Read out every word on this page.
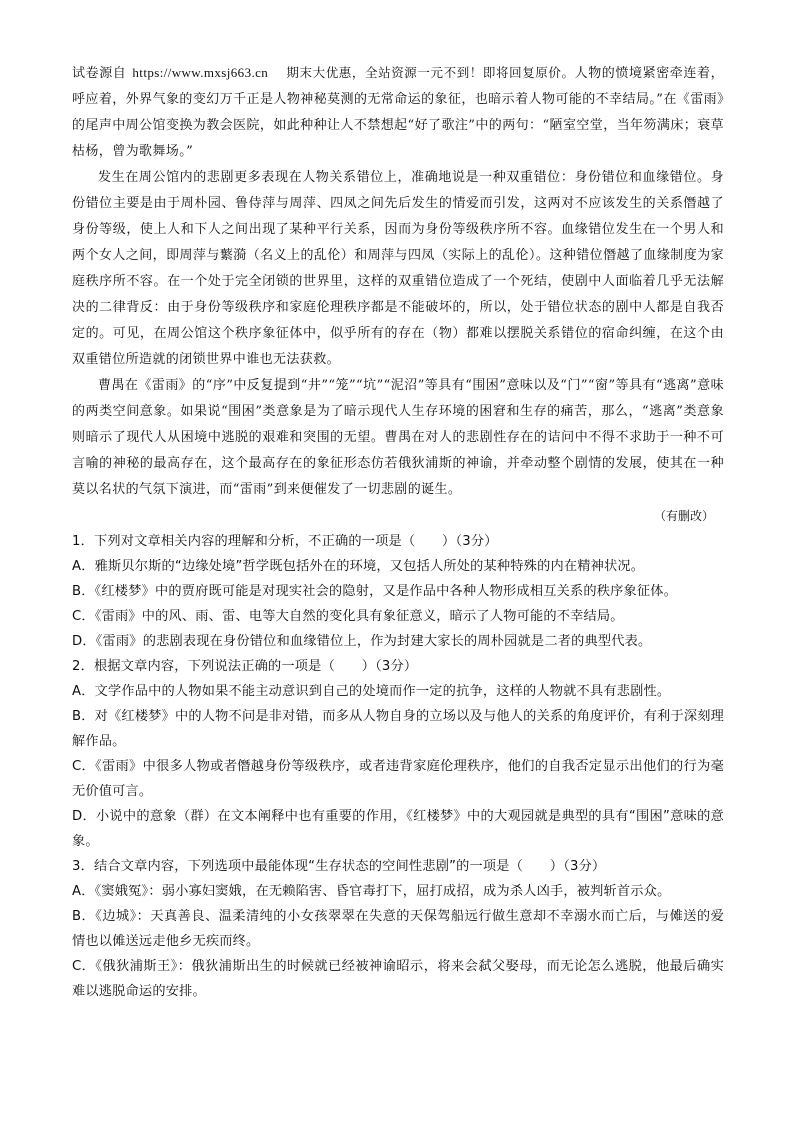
试卷源自 https://www.mxsj663.cn 期末大优惠，全站资源一元不到！即将回复原价。人物的愤境紧密牵连着，呼应着，外界气象的变幻万千正是人物神秘莫测的无常命运的象征，也暗示着人物可能的不幸结局。”在《雷雨》的尾声中周公馆变换为教会医院，如此种种让人不禁想起“好了歌注”中的两句：“陋室空堂，当年笏满床；衰草枯杨，曾为歌舞场。”

发生在周公馆内的悲剧更多表现在人物关系错位上，准确地说是一种双重错位：身份错位和血缘错位。身份错位主要是由于周朴园、鲁侍萍与周萍、四凤之间先后发生的情爱而引发，这两对不应该发生的关系僭越了身份等级，使上人和下人之间出现了某种平行关系，因而为身份等级秩序所不容。血缘错位发生在一个男人和两个女人之间，即周萍与蘩漪（名义上的乱伦）和周萍与四凤（实际上的乱伦）。这种错位僭越了血缘制度为家庭秩序所不容。在一个处于完全闭锁的世界里，这样的双重错位造成了一个死结，使剧中人面临着几乎无法解决的二律背反：由于身份等级秩序和家庭伦理秩序都是不能破坏的，所以，处于错位状态的剧中人都是自我否定的。可见，在周公馆这个秩序象征体中，似乎所有的存在（物）都难以摆脱关系错位的宿命纠缠，在这个由双重错位所造就的闭锁世界中谁也无法获救。

曹禺在《雷雨》的“序”中反复提到“井”“笼”“坑”“泥沼”等具有“围困”意味以及“门”“窗”等具有“逃离”意味的两类空间意象。如果说“围困”类意象是为了暗示现代人生存环境的困窘和生存的痛苦，那么，“逃离”类意象则暗示了现代人从困境中逃脱的艰难和突围的无望。曹禺在对人的悲剧性存在的诘问中不得不求助于一种不可言喻的神秘的最高存在，这个最高存在的象征形态仿若俄狄浦斯的神谕，并牵动整个剧情的发展，使其在一种莫以名状的气氛下演进，而“雷雨”到来便催发了一切悲剧的诞生。

（有删改）

1．下列对文章相关内容的理解和分析，不正确的一项是（　　）（3分）

A．雅斯贝尔斯的“边缘处境”哲学既包括外在的环境，又包括人所处的某种特殊的内在精神状况。

B．《红楼梦》中的贾府既可能是对现实社会的隐射，又是作品中各种人物形成相互关系的秩序象征体。

C．《雷雨》中的风、雨、雷、电等大自然的变化具有象征意义，暗示了人物可能的不幸结局。

D．《雷雨》的悲剧表现在身份错位和血缘错位上，作为封建大家长的周朴园就是二者的典型代表。

2．根据文章内容，下列说法正确的一项是（　　）（3分）

A．文学作品中的人物如果不能主动意识到自己的处境而作一定的抗争，这样的人物就不具有悲剧性。

B．对《红楼梦》中的人物不问是非对错，而多从人物自身的立场以及与他人的关系的角度评价，有利于深刻理解作品。

C．《雷雨》中很多人物或者僭越身份等级秩序，或者违背家庭伦理秩序，他们的自我否定显示出他们的行为毫无价值可言。

D．小说中的意象（群）在文本阐释中也有重要的作用，《红楼梦》中的大观园就是典型的具有“围困”意味的意象。

3．结合文章内容，下列选项中最能体现“生存状态的空间性悲剧”的一项是（　　）（3分）

A．《窦娥冤》：弱小寡妇窦娥，在无赖陷害、昏官毒打下，屈打成招，成为杀人凶手，被判斩首示众。

B．《边城》：天真善良、温柔清纯的小女孩翠翠在失意的天保驾船远行做生意却不幸溺水而亡后，与傩送的爱情也以傩送远走他乡无疾而终。

C．《俄狄浦斯王》：俄狄浦斯出生的时候就已经被神谕昭示，将来会弑父娶母，而无论怎么逃脱，他最后确实难以逃脱命运的安排。
